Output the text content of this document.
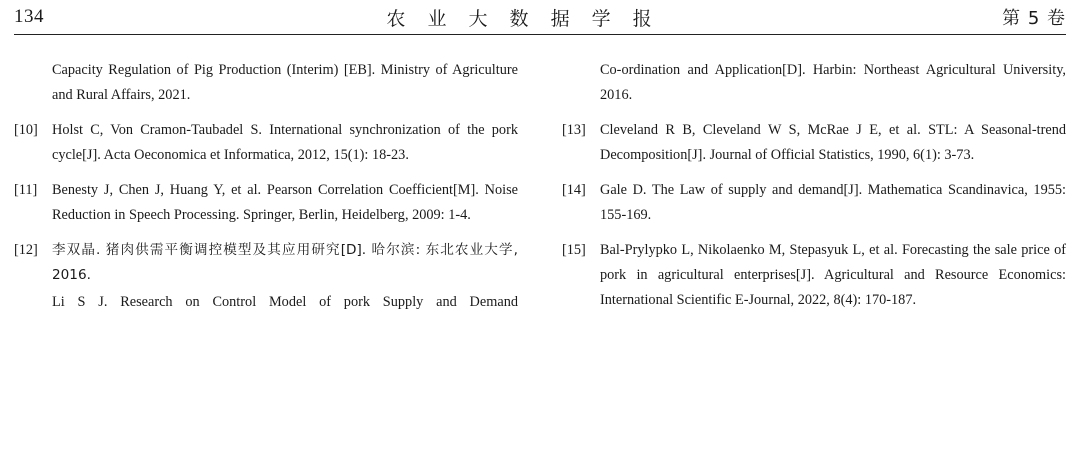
134	农 业 大 数 据 学 报	第 5 卷
Capacity Regulation of Pig Production (Interim) [EB]. Ministry of Agriculture and Rural Affairs, 2021.
[10] Holst C, Von Cramon-Taubadel S. International synchronization of the pork cycle[J]. Acta Oeconomica et Informatica, 2012, 15(1): 18-23.
[11]	Benesty J, Chen J, Huang Y, et al. Pearson Correlation Coefficient[M]. Noise Reduction in Speech Processing. Springer, Berlin, Heidelberg, 2009: 1-4.
[12]	李双晶. 猪肉供需平衡调控模型及其应用研究[D]. 哈尔滨: 东北农业大学, 2016.
Li S J. Research on Control Model of pork Supply and Demand
Co-ordination and Application[D]. Harbin: Northeast Agricultural University, 2016.
[13] Cleveland R B, Cleveland W S, McRae J E, et al. STL: A Seasonal-trend Decomposition[J]. Journal of Official Statistics, 1990, 6(1): 3-73.
[14] Gale D. The Law of supply and demand[J]. Mathematica Scandinavica, 1955: 155-169.
[15] Bal-Prylypko L, Nikolaenko M, Stepasyuk L, et al. Forecasting the sale price of pork in agricultural enterprises[J]. Agricultural and Resource Economics: International Scientific E-Journal, 2022, 8(4): 170-187.
